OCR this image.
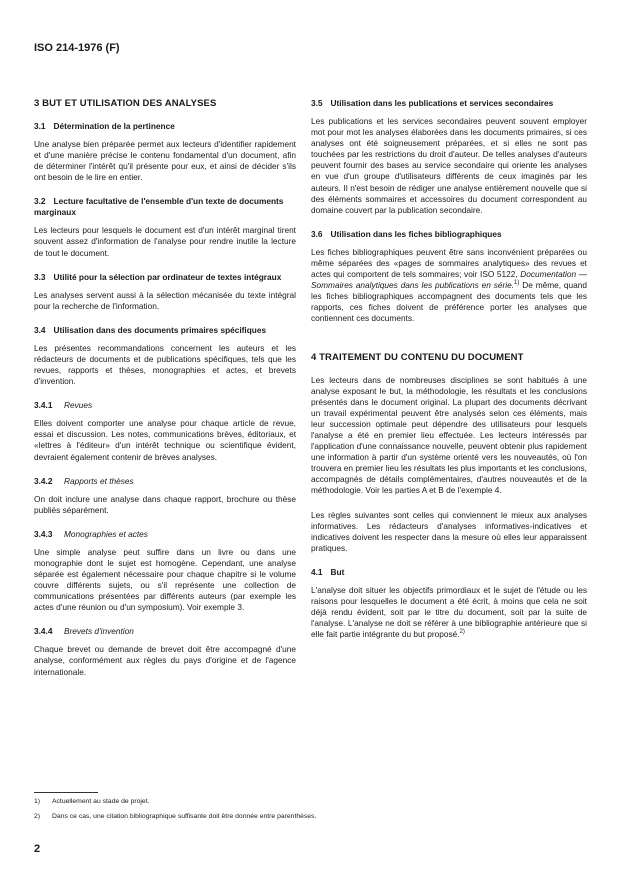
ISO 214-1976 (F)
3 BUT ET UTILISATION DES ANALYSES
3.1 Détermination de la pertinence

Une analyse bien préparée permet aux lecteurs d'identifier rapidement et d'une manière précise le contenu fondamental d'un document, afin de déterminer l'intérêt qu'il présente pour eux, et ainsi de décider s'ils ont besoin de le lire en entier.

3.2 Lecture facultative de l'ensemble d'un texte de documents marginaux

Les lecteurs pour lesquels le document est d'un intérêt marginal tirent souvent assez d'information de l'analyse pour rendre inutile la lecture de tout le document.

3.3 Utilité pour la sélection par ordinateur de textes intégraux

Les analyses servent aussi à la sélection mécanisée du texte intégral pour la recherche de l'information.

3.4 Utilisation dans des documents primaires spécifiques

Les présentes recommandations concernent les auteurs et les rédacteurs de documents et de publications spécifiques, tels que les revues, rapports et thèses, monographies et actes, et brevets d'invention.

3.4.1 Revues

Elles doivent comporter une analyse pour chaque article de revue, essai et discussion. Les notes, communications brèves, éditoriaux, et «lettres à l'éditeur» d'un intérêt technique ou scientifique évident, devraient également contenir de brèves analyses.

3.4.2 Rapports et thèses

On doit inclure une analyse dans chaque rapport, brochure ou thèse publiés séparément.

3.4.3 Monographies et actes

Une simple analyse peut suffire dans un livre ou dans une monographie dont le sujet est homogène. Cependant, une analyse séparée est également nécessaire pour chaque chapitre si le volume couvre différents sujets, ou s'il représente une collection de communications présentées par différents auteurs (par exemple les actes d'une réunion ou d'un symposium). Voir exemple 3.

3.4.4 Brevets d'invention

Chaque brevet ou demande de brevet doit être accompagné d'une analyse, conformément aux règles du pays d'origine et de l'agence internationale.

3.5 Utilisation dans les publications et services secondaires

Les publications et les services secondaires peuvent souvent employer mot pour mot les analyses élaborées dans les documents primaires, si ces analyses ont été soigneusement préparées, et si elles ne sont pas touchées par les restrictions du droit d'auteur. De telles analyses d'auteurs peuvent fournir des bases au service secondaire qui oriente les analyses en vue d'un groupe d'utilisateurs différents de ceux imaginés par les auteurs. Il n'est besoin de rédiger une analyse entièrement nouvelle que si des éléments sommaires et accessoires du document correspondent au domaine couvert par la publication secondaire.

3.6 Utilisation dans les fiches bibliographiques

Les fiches bibliographiques peuvent être sans inconvénient préparées ou même séparées des «pages de sommaires analytiques» des revues et actes qui comportent de tels sommaires; voir ISO 5122, Documentation — Sommaires analytiques dans les publications en série.$^{1)}$ De même, quand les fiches bibliographiques accompagnent des documents tels que les rapports, ces fiches doivent de préférence porter les analyses que contiennent ces documents.

4 TRAITEMENT DU CONTENU DU DOCUMENT

Les lecteurs dans de nombreuses disciplines se sont habitués à une analyse exposant le but, la méthodologie, les résultats et les conclusions présentés dans le document original. La plupart des documents décrivant un travail expérimental peuvent être analysés selon ces éléments, mais leur succession optimale peut dépendre des utilisateurs pour lesquels l'analyse a été en premier lieu effectuée. Les lecteurs intéressés par l'application d'une connaissance nouvelle, peuvent obtenir plus rapidement une information à partir d'un système orienté vers les nouveautés, où l'on trouvera en premier lieu les résultats les plus importants et les conclusions, accompagnés de détails complémentaires, d'autres nouveautés et de la méthodologie. Voir les parties A et B de l'exemple 4.

Les règles suivantes sont celles qui conviennent le mieux aux analyses informatives. Les rédacteurs d'analyses informatives-indicatives et indicatives doivent les respecter dans la mesure où elles leur apparaissent pratiques.

4.1 But

L'analyse doit situer les objectifs primordiaux et le sujet de l'étude ou les raisons pour lesquelles le document a été écrit, à moins que cela ne soit déjà rendu évident, soit par le titre du document, soit par la suite de l'analyse. L'analyse ne doit se référer à une bibliographie antérieure que si elle fait partie intégrante du but proposé.$^{2)}$

1) Actuellement au stade de projet.
2) Dans ce cas, une citation bibliographique suffisante doit être donnée entre parenthèses.
2
